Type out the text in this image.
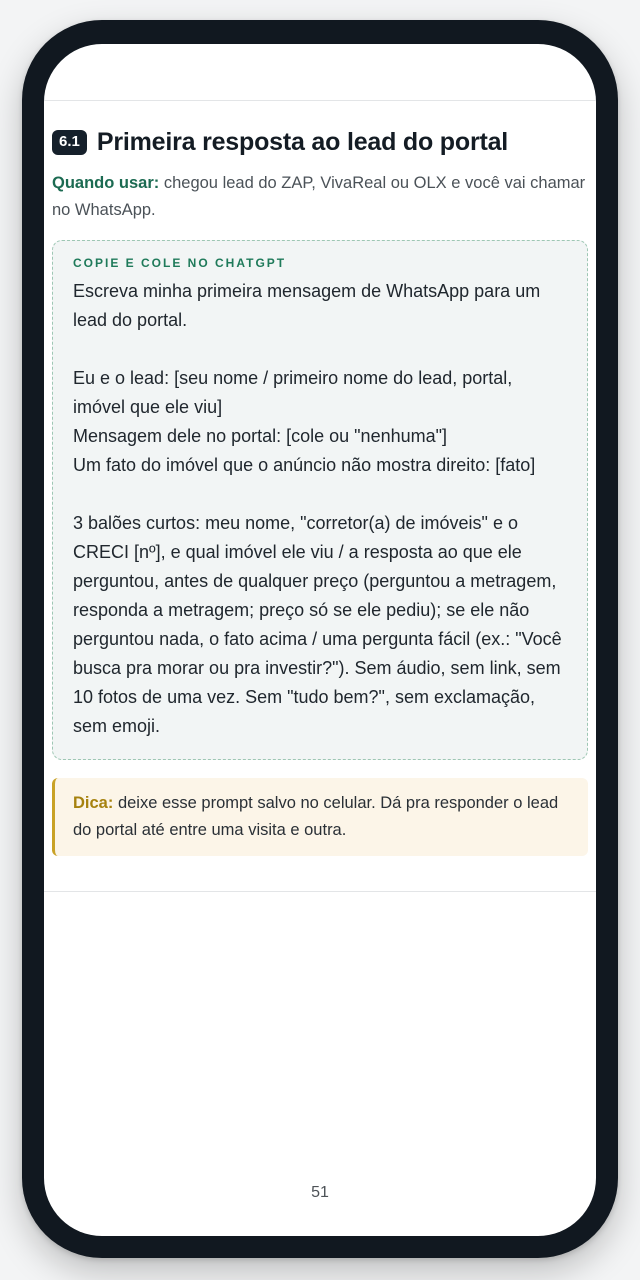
6.1 Primeira resposta ao lead do portal
Quando usar: chegou lead do ZAP, VivaReal ou OLX e você vai chamar no WhatsApp.
COPIE E COLE NO CHATGPT
Escreva minha primeira mensagem de WhatsApp para um lead do portal.

Eu e o lead: [seu nome / primeiro nome do lead, portal, imóvel que ele viu]
Mensagem dele no portal: [cole ou "nenhuma"]
Um fato do imóvel que o anúncio não mostra direito: [fato]

3 balões curtos: meu nome, "corretor(a) de imóveis" e o CRECI [nº], e qual imóvel ele viu / a resposta ao que ele perguntou, antes de qualquer preço (perguntou a metragem, responda a metragem; preço só se ele pediu); se ele não perguntou nada, o fato acima / uma pergunta fácil (ex.: "Você busca pra morar ou pra investir?"). Sem áudio, sem link, sem 10 fotos de uma vez. Sem "tudo bem?", sem exclamação, sem emoji.
Dica: deixe esse prompt salvo no celular. Dá pra responder o lead do portal até entre uma visita e outra.
51
